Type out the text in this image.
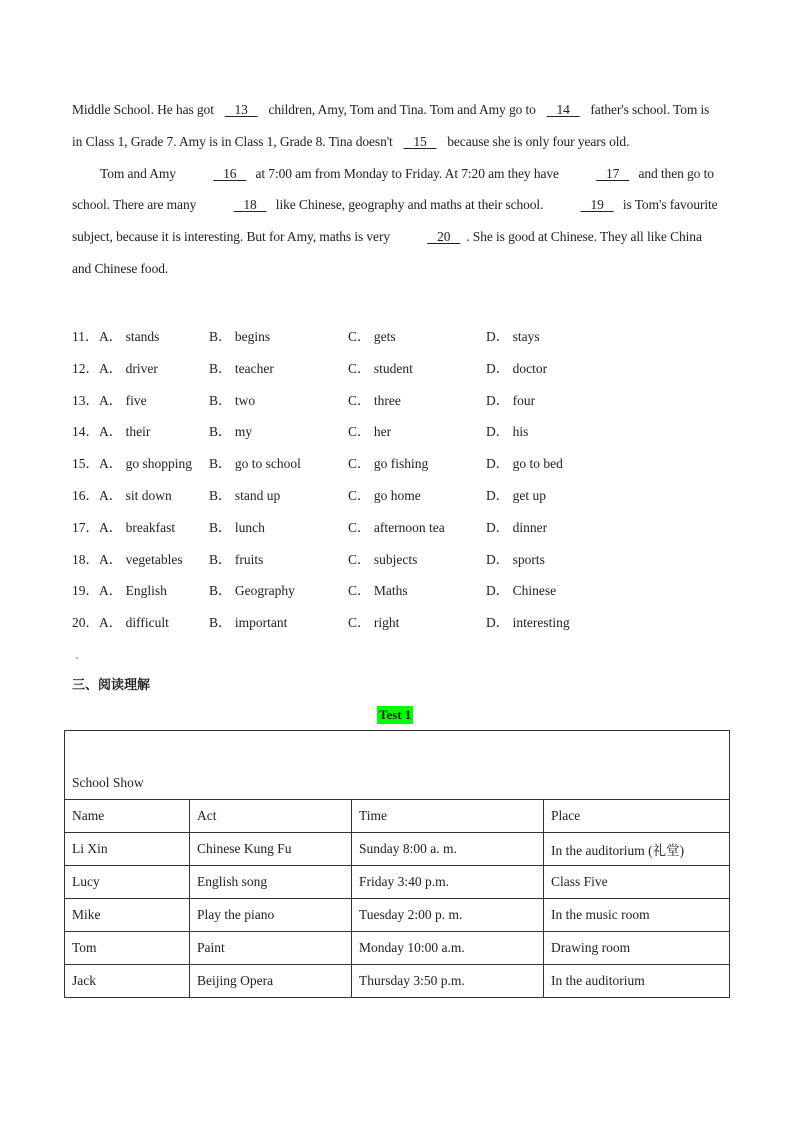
Middle School. He has got 13 children, Amy, Tom and Tina. Tom and Amy go to 14 father's school. Tom is in Class 1, Grade 7. Amy is in Class 1, Grade 8. Tina doesn't 15 because she is only four years old.

Tom and Amy	16 at 7:00 am from Monday to Friday. At 7:20 am they have	17 and then go to school. There are many	18 like Chinese, geography and maths at their school.	19 is Tom's favourite subject, because it is interesting. But for Amy, maths is very	20 . She is good at Chinese. They all like China and Chinese food.

11． A． stands	B． begins	C． gets	D． stays
12． A． driver	B． teacher	C． student	D． doctor
13． A． five	B． two	C． three	D． four
14． A． their	B． my	C． her	D． his
15． A． go shopping B． go to school	C． go fishing	D． go to bed
16． A． sit down	B． stand up	C． go home	D． get up
17． A． breakfast	B． lunch	C． afternoon tea	D． dinner
18． A． vegetables B． fruits	C． subjects	D． sports
19． A． English	B． Geography	C． Maths	D． Chinese
20． A． difficult	B． important	C． right	D． interesting
三、阅读理解
Test 1
School Show			
Name	Act	Time	Place
Li Xin	Chinese Kung Fu	Sunday 8:00 a. m.	In the auditorium (礼堂)
Lucy	English song	Friday 3:40 p.m.	Class Five
Mike	Play the piano	Tuesday 2:00 p. m.	In the music room
Tom	Paint	Monday 10:00 a.m.	Drawing room
Jack	Beijing Opera	Thursday 3:50 p.m.	In the auditorium
